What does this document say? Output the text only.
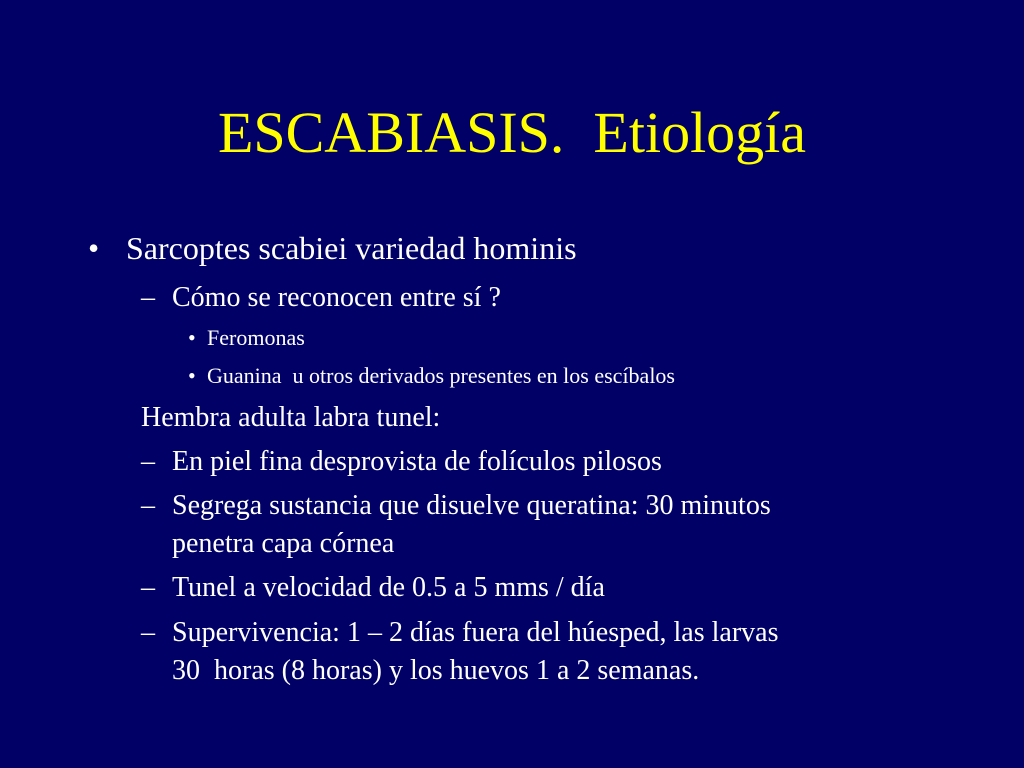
ESCABIASIS.  Etiología
• Sarcoptes scabiei variedad hominis

– Cómo se reconocen entre sí ?

• Feromonas

• Guanina  u otros derivados presentes en los escíbalos

Hembra adulta labra tunel:

– En piel fina desprovista de folículos pilosos

– Segrega sustancia que disuelve queratina: 30 minutos

penetra capa córnea

– Tunel a velocidad de 0.5 a 5 mms / día

– Supervivencia: 1 – 2 días fuera del húesped, las larvas

30  horas (8 horas) y los huevos 1 a 2 semanas.
